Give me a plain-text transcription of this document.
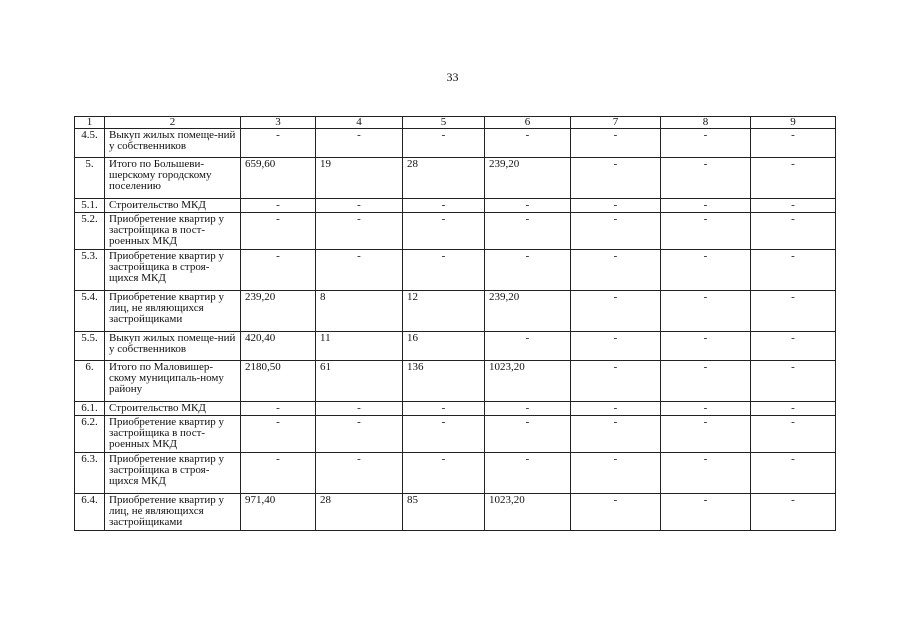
33
1	2	3	4	5	6	7	8	9
4.5.	Выкуп жилых помеще-ний у собственников	-	-	-	-	-	-	-
5.	Итого по Большеви-шерскому городскому поселению	659,60	19	28	239,20	-	-	-
5.1.	Строительство МКД	-	-	-	-	-	-	-
5.2.	Приобретение квартир у застройщика в пост-роенных МКД	-	-	-	-	-	-	-
5.3.	Приобретение квартир у застройщика в строя-щихся МКД	-	-	-	-	-	-	-
5.4.	Приобретение квартир у лиц, не являющихся застройщиками	239,20	8	12	239,20	-	-	-
5.5.	Выкуп жилых помеще-ний у собственников	420,40	11	16	-	-	-	-
6.	Итого по Маловишер-скому муниципаль-ному району	2180,50	61	136	1023,20	-	-	-
6.1.	Строительство МКД	-	-	-	-	-	-	-
6.2.	Приобретение квартир у застройщика в пост-роенных МКД	-	-	-	-	-	-	-
6.3.	Приобретение квартир у застройщика в строя-щихся МКД	-	-	-	-	-	-	-
6.4.	Приобретение квартир у лиц, не являющихся застройщиками	971,40	28	85	1023,20	-	-	-
